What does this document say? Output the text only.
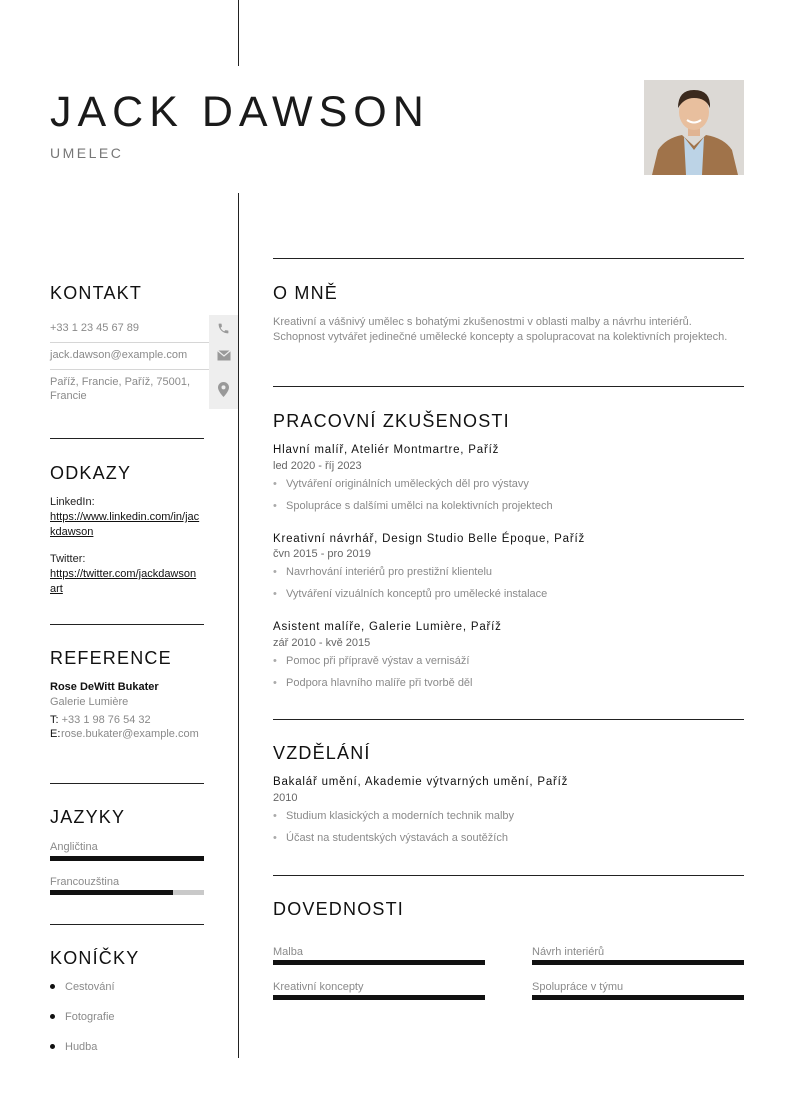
JACK DAWSON
UMELEC
KONTAKT
+33 1 23 45 67 89
jack.dawson@example.com
Paříž, Francie, Paříž, 75001, Francie
ODKAZY
LinkedIn:
https://www.linkedin.com/in/jackdawson
Twitter:
https://twitter.com/jackdawsonart
REFERENCE
Rose DeWitt Bukater
Galerie Lumière
T: +33 1 98 76 54 32
E: rose.bukater@example.com
JAZYKY
Angličtina
Francouzština
KONÍČKY
Cestování
Fotografie
Hudba
O MNĚ
Kreativní a vášnivý umělec s bohatými zkušenostmi v oblasti malby a návrhu interiérů. Schopnost vytvářet jedinečné umělecké koncepty a spolupracovat na kolektivních projektech.
PRACOVNÍ ZKUŠENOSTI
Hlavní malíř, Ateliér Montmartre, Paříž
led 2020 - říj 2023
• Vytváření originálních uměleckých děl pro výstavy
• Spolupráce s dalšími umělci na kolektivních projektech
Kreativní návrhář, Design Studio Belle Époque, Paříž
čvn 2015 - pro 2019
• Navrhování interiérů pro prestižní klientelu
• Vytváření vizuálních konceptů pro umělecké instalace
Asistent malíře, Galerie Lumière, Paříž
zář 2010 - kvě 2015
• Pomoc při přípravě výstav a vernisáží
• Podpora hlavního malíře při tvorbě děl
VZDĚLÁNÍ
Bakalář umění, Akademie výtvarných umění, Paříž
2010
• Studium klasických a moderních technik malby
• Účast na studentských výstavách a soutěžích
DOVEDNOSTI
Malba	Návrh interiérů
Kreativní koncepty	Spolupráce v týmu
